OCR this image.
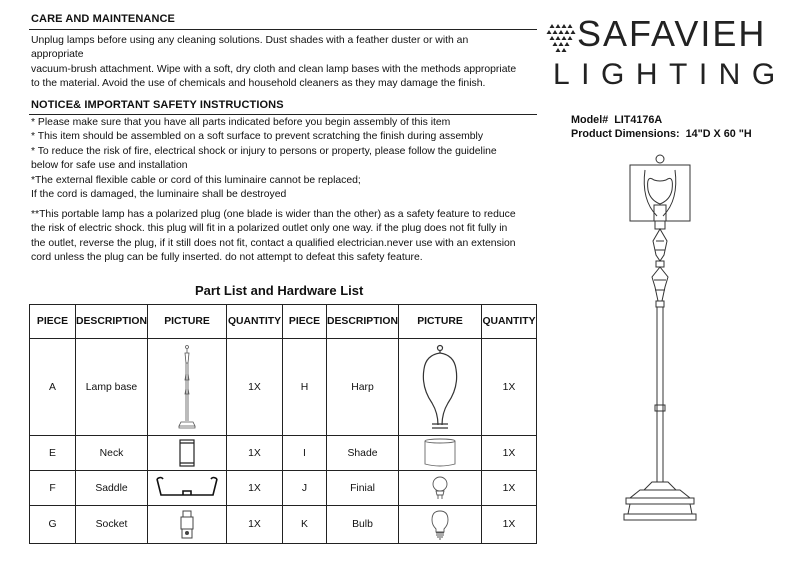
CARE AND MAINTENANCE
Unplug lamps before using any cleaning solutions. Dust shades with a feather duster or with an
appropriate
vacuum-brush attachment. Wipe with a soft, dry cloth and clean lamp bases with the methods appropriate
to the material. Avoid the use of chemicals and household cleaners as they may damage the finish.
NOTICE& IMPORTANT SAFETY INSTRUCTIONS
* Please make sure that you have all parts indicated before you begin assembly of this item
* This item should be assembled on a soft surface to prevent scratching the finish during assembly
* To reduce the risk of fire, electrical shock or injury to persons or property, please follow the guideline
below for safe use and installation
*The external flexible cable or cord of this luminaire cannot be replaced;
If the cord is damaged, the luminaire shall be destroyed
**This portable lamp has a polarized plug (one blade is wider than the other) as a safety feature to reduce
the risk of electric shock. this plug will fit in a polarized outlet only one way. if the plug does not fit fully in
the outlet, reverse the plug, if it still does not fit, contact a qualified electrician.never use with an extension
cord unless the plug can be fully inserted. do not attempt to defeat this safety feature.
SAFAVIEH
LIGHTING
Model# LIT4176A
Product Dimensions: 14"D X 60 "H
Part List and Hardware List
PIECE	DESCRIPTION	PICTURE	QUANTITY	PIECE	DESCRIPTION	PICTURE	QUANTITY
A	Lamp base		1X	H	Harp		1X
E	Neck		1X	I	Shade		1X
F	Saddle		1X	J	Finial		1X
G	Socket		1X	K	Bulb		1X
